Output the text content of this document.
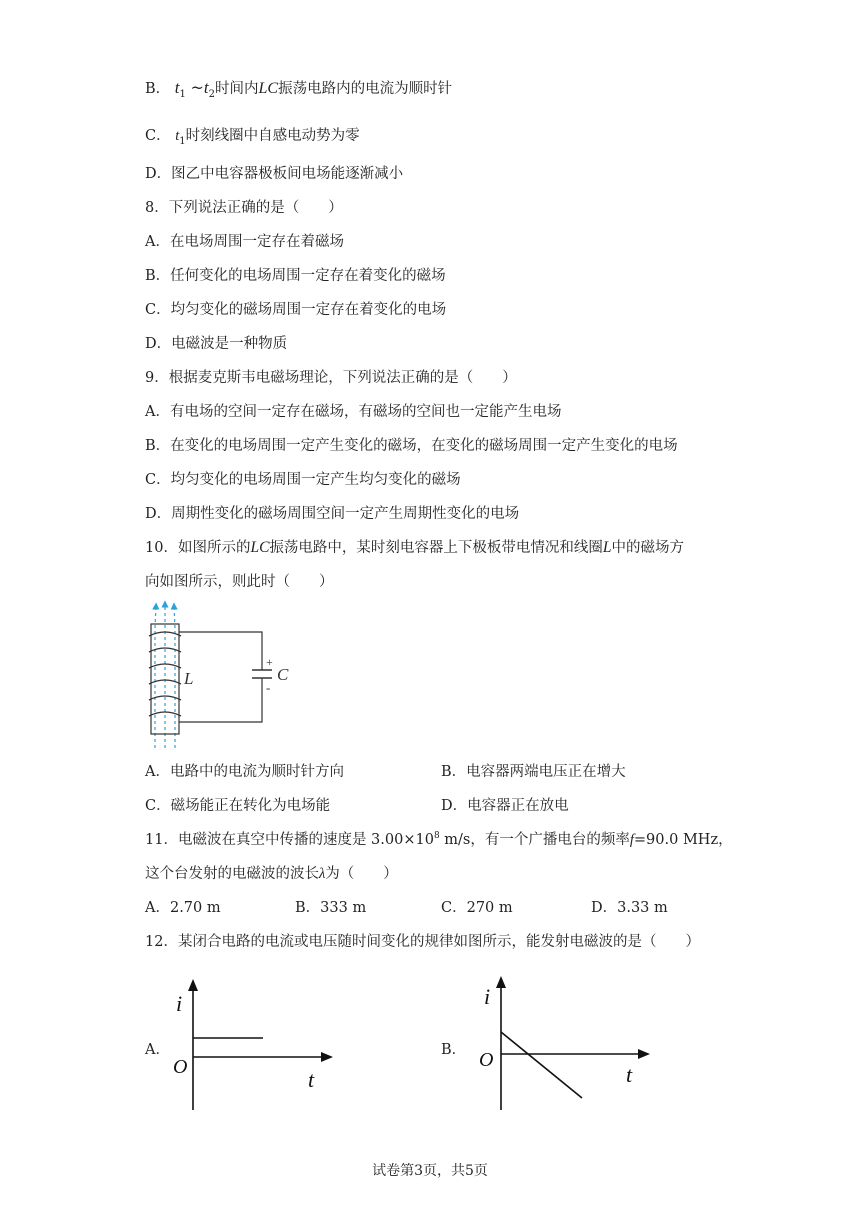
B． $t_1$ $\sim t_2$时间内LC振荡电路内的电流为顺时针
C． $t_1$时刻线圈中自感电动势为零
D．图乙中电容器极板间电场能逐渐减小
8．下列说法正确的是（　　）
A．在电场周围一定存在着磁场
B．任何变化的电场周围一定存在着变化的磁场
C．均匀变化的磁场周围一定存在着变化的电场
D．电磁波是一种物质
9．根据麦克斯韦电磁场理论，下列说法正确的是（　　）
A．有电场的空间一定存在磁场，有磁场的空间也一定能产生电场
B．在变化的电场周围一定产生变化的磁场，在变化的磁场周围一定产生变化的电场
C．均匀变化的电场周围一定产生均匀变化的磁场
D．周期性变化的磁场周围空间一定产生周期性变化的电场
10．如图所示的LC振荡电路中，某时刻电容器上下极板带电情况和线圈L中的磁场方
向如图所示，则此时（　　）
+
-
L	C
A．电路中的电流为顺时针方向	B．电容器两端电压正在增大
C．磁场能正在转化为电场能	D．电容器正在放电
11．电磁波在真空中传播的速度是 $3.00\times 10^8$ m/s，有一个广播电台的频率f=90.0 MHz，
这个台发射的电磁波的波长λ为（　　）
A．2.70 m	B．333 m	C．270 m	D．3.33 m
12．某闭合电路的电流或电压随时间变化的规律如图所示，能发射电磁波的是（　　）
A．
i
t
O
B．
i
t
O
试卷第3页，共5页
